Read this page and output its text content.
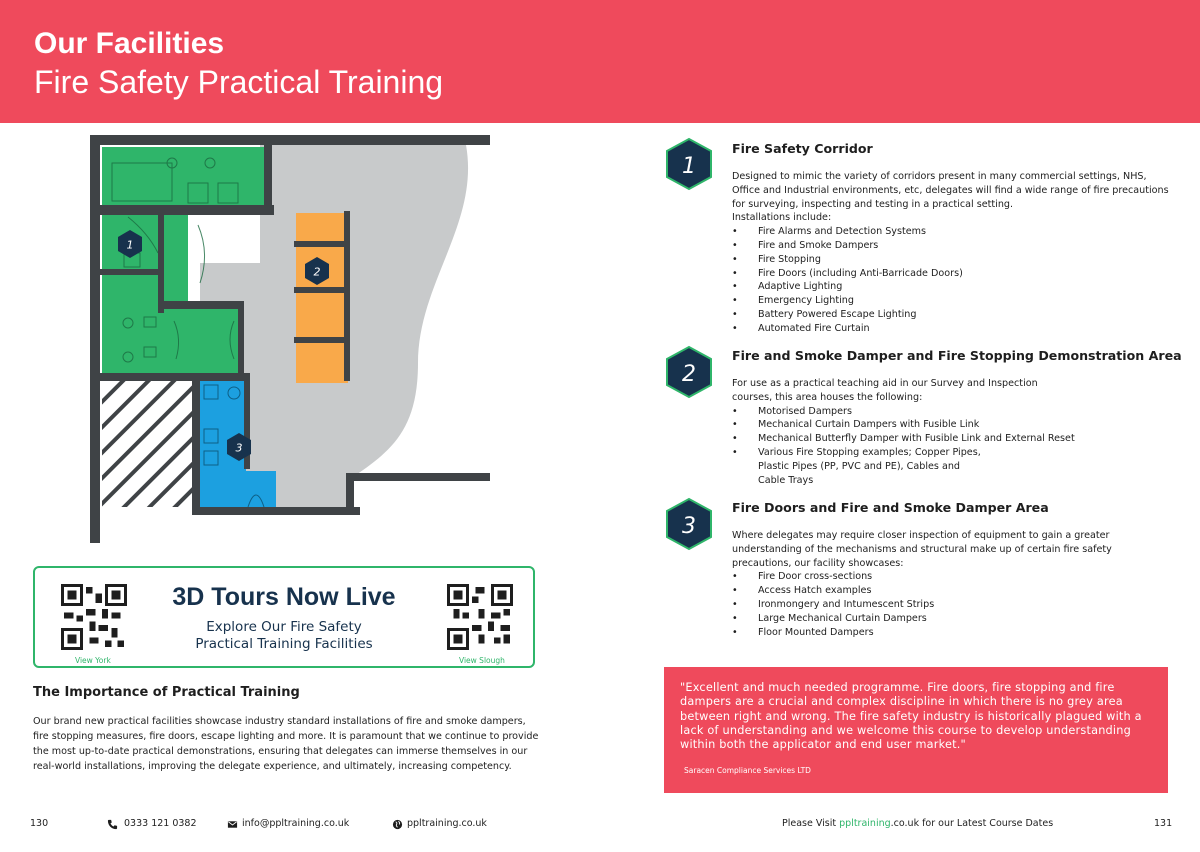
Our Facilities
Fire Safety Practical Training
1
2
3
View York
3D Tours Now Live
Explore Our Fire Safety
Practical Training Facilities
View Slough
The Importance of Practical Training
Our brand new practical facilities showcase industry standard installations of fire and smoke dampers, fire stopping measures, fire doors, escape lighting and more. It is paramount that we continue to provide the most up-to-date practical demonstrations, ensuring that delegates can immerse themselves in our real-world installations, improving the delegate experience, and ultimately, increasing competency.
1
Fire Safety Corridor
Designed to mimic the variety of corridors present in many commercial settings, NHS, Office and Industrial environments, etc, delegates will find a wide range of fire precautions for surveying, inspecting and testing in a practical setting.
Installations include:
• Fire Alarms and Detection Systems
• Fire and Smoke Dampers
• Fire Stopping
• Fire Doors (including Anti-Barricade Doors)
• Adaptive Lighting
• Emergency Lighting
• Battery Powered Escape Lighting
• Automated Fire Curtain
2
Fire and Smoke Damper and Fire Stopping Demonstration Area
For use as a practical teaching aid in our Survey and Inspection courses, this area houses the following:
• Motorised Dampers
• Mechanical Curtain Dampers with Fusible Link
• Mechanical Butterfly Damper with Fusible Link and External Reset
• Various Fire Stopping examples; Copper Pipes, Plastic Pipes (PP, PVC and PE), Cables and Cable Trays
3
Fire Doors and Fire and Smoke Damper Area
Where delegates may require closer inspection of equipment to gain a greater understanding of the mechanisms and structural make up of certain fire safety precautions, our facility showcases:
• Fire Door cross-sections
• Access Hatch examples
• Ironmongery and Intumescent Strips
• Large Mechanical Curtain Dampers
• Floor Mounted Dampers
"Excellent and much needed programme. Fire doors, fire stopping and fire dampers are a crucial and complex discipline in which there is no grey area between right and wrong. The fire safety industry is historically plagued with a lack of understanding and we welcome this course to develop understanding within both the applicator and end user market."
Saracen Compliance Services LTD
130	0333 121 0382	info@ppltraining.co.uk	ppltraining.co.uk	Please Visit ppltraining.co.uk for our Latest Course Dates	131
